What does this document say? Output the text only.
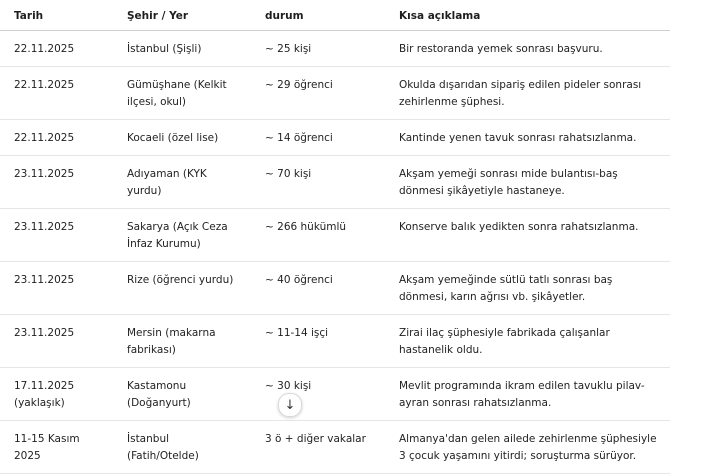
Tarih	Şehir / Yer	durum	Kısa açıklama
22.11.2025	İstanbul (Şişli)	~ 25 kişi	Bir restoranda yemek sonrası başvuru.
22.11.2025	Gümüşhane (Kelkit ilçesi, okul)	~ 29 öğrenci	Okulda dışarıdan sipariş edilen pideler sonrası zehirlenme şüphesi.
22.11.2025	Kocaeli (özel lise)	~ 14 öğrenci	Kantinde yenen tavuk sonrası rahatsızlanma.
23.11.2025	Adıyaman (KYK yurdu)	~ 70 kişi	Akşam yemeği sonrası mide bulantısı-baş dönmesi şikâyetiyle hastaneye.
23.11.2025	Sakarya (Açık Ceza İnfaz Kurumu)	~ 266 hükümlü	Konserve balık yedikten sonra rahatsızlanma.
23.11.2025	Rize (öğrenci yurdu)	~ 40 öğrenci	Akşam yemeğinde sütlü tatlı sonrası baş dönmesi, karın ağrısı vb. şikâyetler.
23.11.2025	Mersin (makarna fabrikası)	~ 11-14 işçi	Zirai ilaç şüphesiyle fabrikada çalışanlar hastanelik oldu.
17.11.2025 (yaklaşık)	Kastamonu (Doğanyurt)	~ 30 kişi	Mevlit programında ikram edilen tavuklu pilav-ayran sonrası rahatsızlanma.
11-15 Kasım 2025	İstanbul (Fatih/Otelde)	3 ö + diğer vakalar	Almanya'dan gelen ailede zehirlenme şüphesiyle 3 çocuk yaşamını yitirdi; soruşturma sürüyor.
↓
